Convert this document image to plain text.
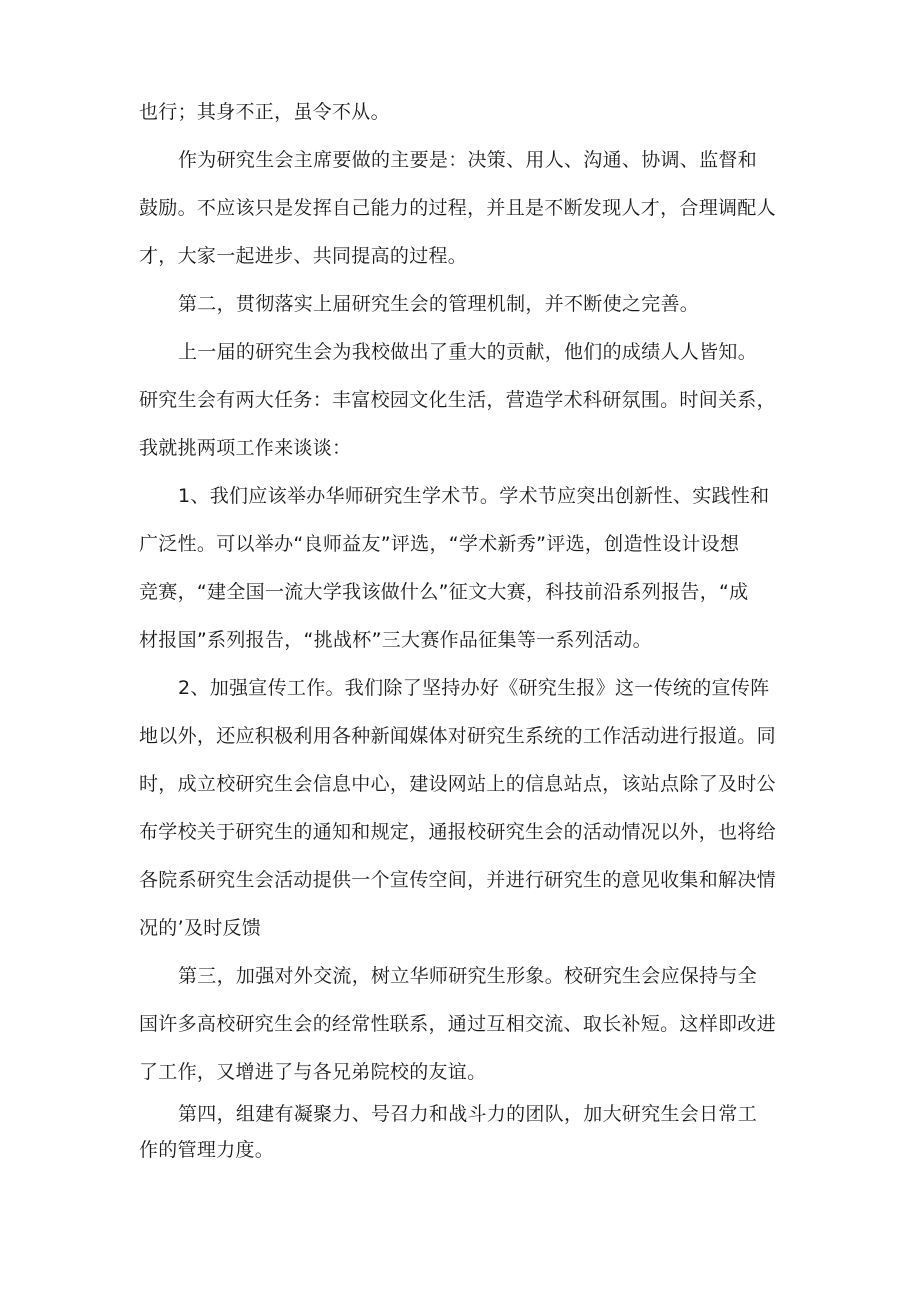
也行；其身不正，虽令不从。
作为研究生会主席要做的主要是：决策、用人、沟通、协调、监督和
鼓励。不应该只是发挥自己能力的过程，并且是不断发现人才，合理调配人
才，大家一起进步、共同提高的过程。
第二，贯彻落实上届研究生会的管理机制，并不断使之完善。
上一届的研究生会为我校做出了重大的贡献，他们的成绩人人皆知。
研究生会有两大任务：丰富校园文化生活，营造学术科研氛围。时间关系，
我就挑两项工作来谈谈：
1、我们应该举办华师研究生学术节。学术节应突出创新性、实践性和
广泛性。可以举办“良师益友”评选，“学术新秀”评选，创造性设计设想
竞赛，“建全国一流大学我该做什么”征文大赛，科技前沿系列报告，“成
材报国”系列报告，“挑战杯”三大赛作品征集等一系列活动。
2、加强宣传工作。我们除了坚持办好《研究生报》这一传统的宣传阵
地以外，还应积极利用各种新闻媒体对研究生系统的工作活动进行报道。同
时，成立校研究生会信息中心，建设网站上的信息站点，该站点除了及时公
布学校关于研究生的通知和规定，通报校研究生会的活动情况以外，也将给
各院系研究生会活动提供一个宣传空间，并进行研究生的意见收集和解决情
况的’及时反馈
第三，加强对外交流，树立华师研究生形象。校研究生会应保持与全
国许多高校研究生会的经常性联系，通过互相交流、取长补短。这样即改进
了工作，又增进了与各兄弟院校的友谊。
第四，组建有凝聚力、号召力和战斗力的团队，加大研究生会日常工
作的管理力度。
